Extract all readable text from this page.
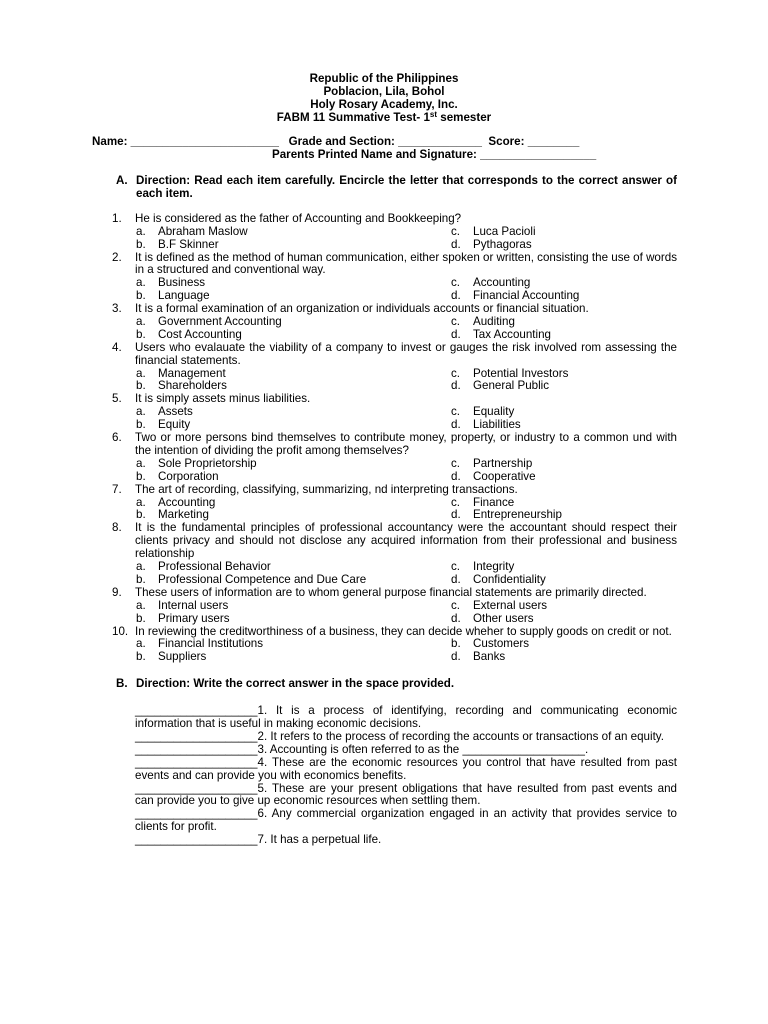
Republic of the Philippines
Poblacion, Lila, Bohol
Holy Rosary Academy, Inc.
FABM 11 Summative Test- 1st semester
Name: _______________________   Grade and Section: _____________  Score: ________
Parents Printed Name and Signature: __________________
A. Direction: Read each item carefully. Encircle the letter that corresponds to the correct answer of each item.
1. He is considered as the father of Accounting and Bookkeeping?
a. Abraham Maslow	c. Luca Pacioli
b. B.F Skinner	d. Pythagoras
2. It is defined as the method of human communication, either spoken or written, consisting the use of words in a structured and conventional way.
a. Business	c. Accounting
b. Language	d. Financial Accounting
3. It is a formal examination of an organization or individuals accounts or financial situation.
a. Government Accounting	c. Auditing
b. Cost Accounting	d. Tax Accounting
4. Users who evalauate the viability of a company to invest or gauges the risk involved rom assessing the financial statements.
a. Management	c. Potential Investors
b. Shareholders	d. General Public
5. It is simply assets minus liabilities.
a. Assets	c. Equality
b. Equity	d. Liabilities
6. Two or more persons bind themselves to contribute money, property, or industry to a common und with the intention of dividing the profit among themselves?
a. Sole Proprietorship	c. Partnership
b. Corporation	d. Cooperative
7. The art of recording, classifying, summarizing, nd interpreting transactions.
a. Accounting	c. Finance
b. Marketing	d. Entrepreneurship
8. It is the fundamental principles of professional accountancy were the accountant should respect their clients privacy and should not disclose any acquired information from their professional and business relationship
a. Professional Behavior	c. Integrity
b. Professional Competence and Due Care	d. Confidentiality
9. These users of information are to whom general purpose financial statements are primarily directed.
a. Internal users	c. External users
b. Primary users	d. Other users
10. In reviewing the creditworthiness of a business, they can decide wheher to supply goods on credit or not.
a. Financial Institutions	b. Customers
b. Suppliers	d. Banks
B. Direction: Write the correct answer in the space provided.
___________________1. It is a process of identifying, recording and communicating economic information that is useful in making economic decisions.
___________________2. It refers to the process of recording the accounts or transactions of an equity.
___________________3. Accounting is often referred to as the ___________________.
___________________4. These are the economic resources you control that have resulted from past events and can provide you with economics benefits.
___________________5. These are your present obligations that have resulted from past events and can provide you to give up economic resources when settling them.
___________________6. Any commercial organization engaged in an activity that provides service to clients for profit.
___________________7. It has a perpetual life.
